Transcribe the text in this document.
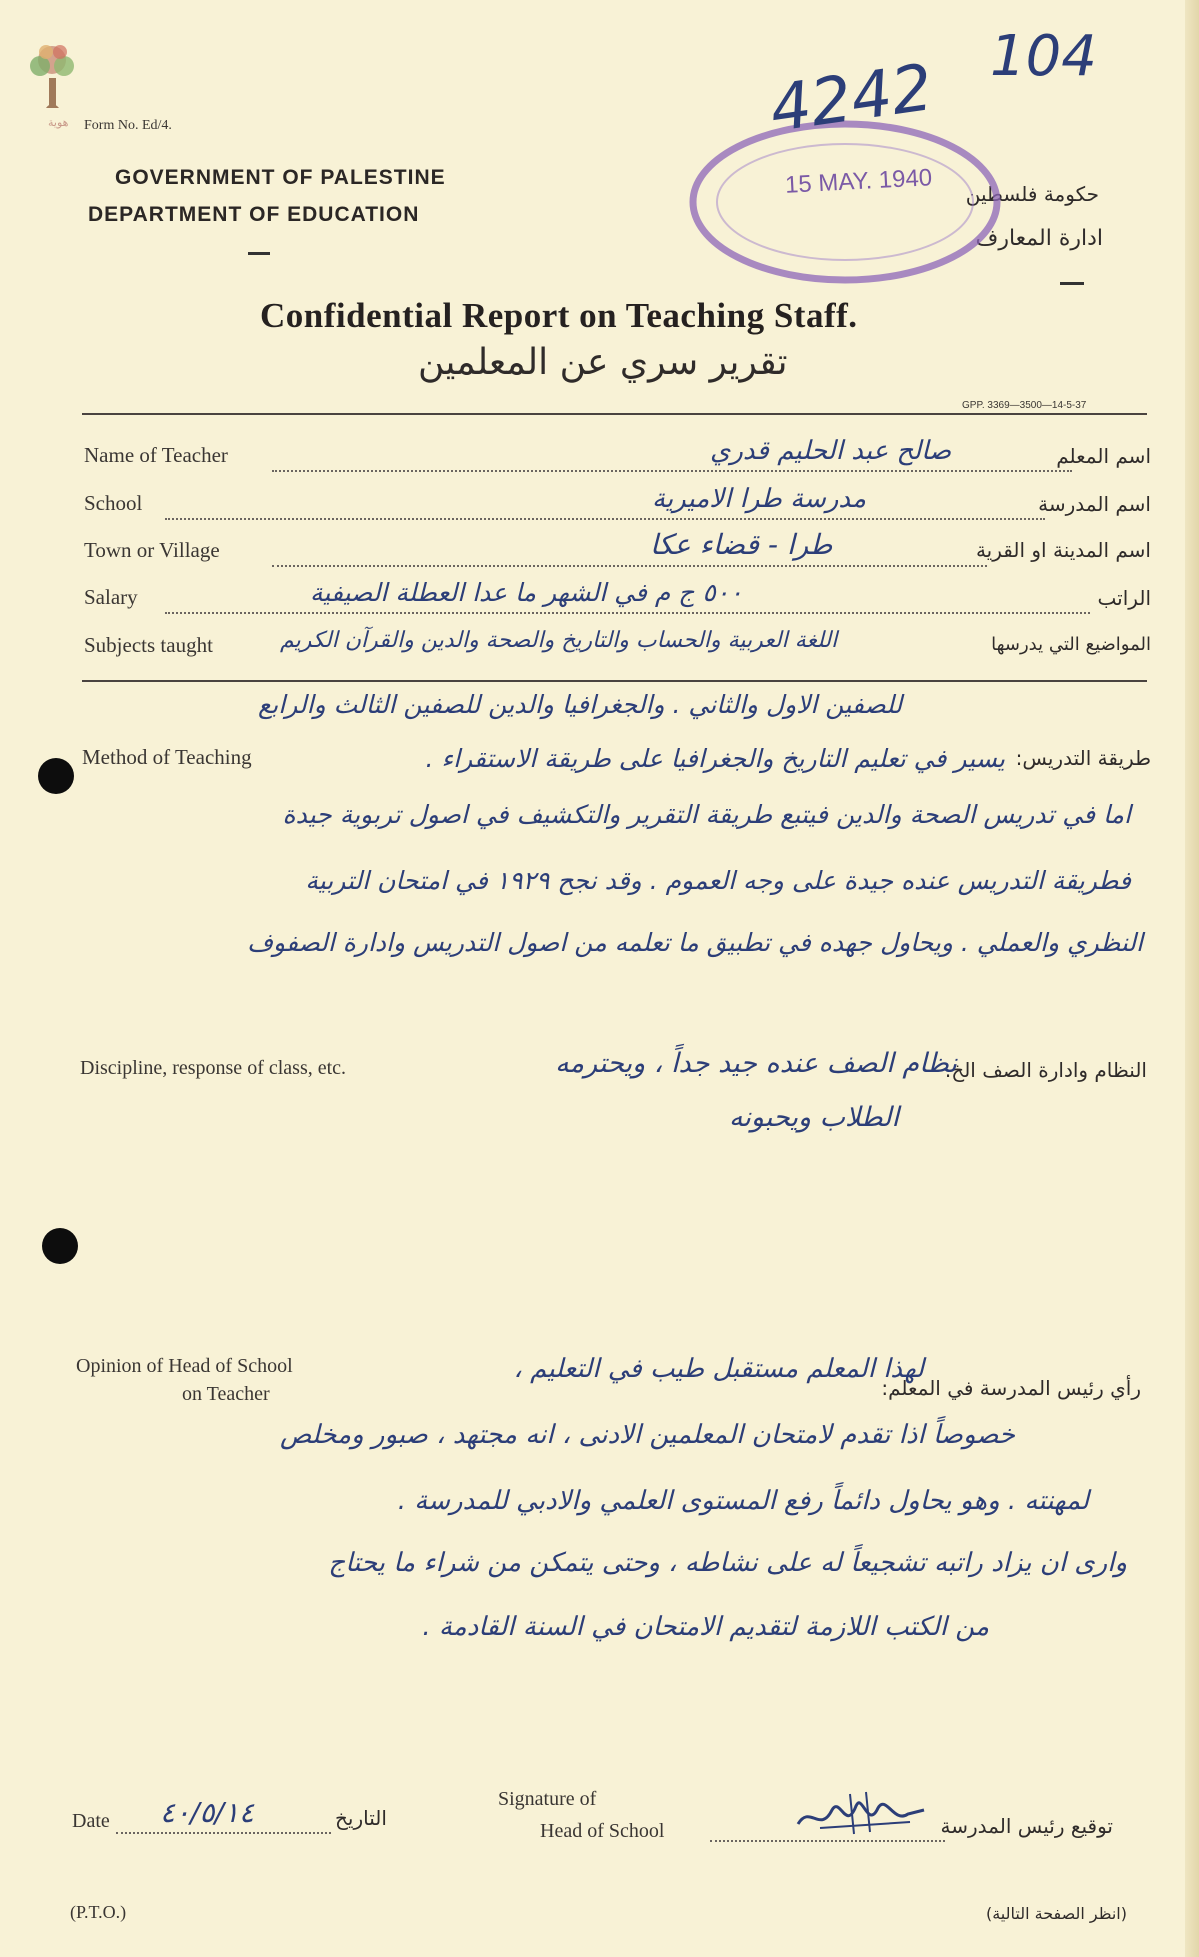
هوية Form No. Ed/4.
GOVERNMENT OF PALESTINE
DEPARTMENT OF EDUCATION
حكومة فلسطين
ادارة المعارف
104
15 MAY. 1940
4242
Confidential Report on Teaching Staff.
تقرير سري عن المعلمين
GPP. 3369—3500—14-5-37
Name of Teacher	صالح عبد الحليم قدري	اسم المعلم
School	مدرسة طرا الاميرية	اسم المدرسة
Town or Village	طرا - قضاء عكا	اسم المدينة او القرية
Salary	٥٠٠ ج م في الشهر ما عدا العطلة الصيفية	الراتب
Subjects taught	اللغة العربية والحساب والتاريخ والصحة والدين والقرآن الكريم	المواضيع التي يدرسها
للصفين الاول والثاني . والجغرافيا والدين للصفين الثالث والرابع
Method of Teaching	طريقة التدريس:
يسير في تعليم التاريخ والجغرافيا على طريقة الاستقراء .
اما في تدريس الصحة والدين فيتبع طريقة التقرير والتكشيف في اصول تربوية جيدة
فطريقة التدريس عنده جيدة على وجه العموم . وقد نجح ١٩٢٩ في امتحان التربية
النظري والعملي . ويحاول جهده في تطبيق ما تعلمه من اصول التدريس وادارة الصفوف
Discipline, response of class, etc.	النظام وادارة الصف الخ.
نظام الصف عنده جيد جداً ، ويحترمه
الطلاب ويحبونه
Opinion of Head of School
on Teacher	رأي رئيس المدرسة في المعلم:
لهذا المعلم مستقبل طيب في التعليم ،
خصوصاً اذا تقدم لامتحان المعلمين الادنى ، انه مجتهد ، صبور ومخلص
لمهنته . وهو يحاول دائماً رفع المستوى العلمي والادبي للمدرسة .
وارى ان يزاد راتبه تشجيعاً له على نشاطه ، وحتى يتمكن من شراء ما يحتاج
من الكتب اللازمة لتقديم الامتحان في السنة القادمة .
Date ٤٠/٥/١٤	التاريخ
Signature of
Head of School	توقيع رئيس المدرسة
(P.T.O.)	(انظر الصفحة التالية)
